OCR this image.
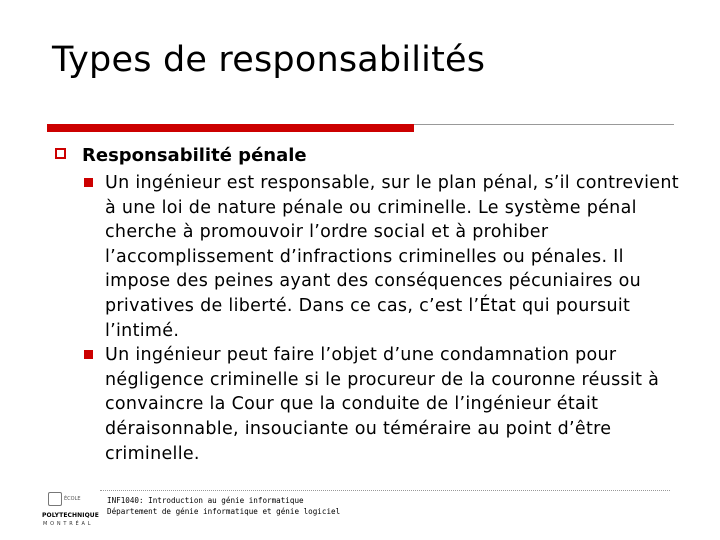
Types de responsabilités
Responsabilité pénale
Un ingénieur est responsable, sur le plan pénal, s’il contrevient à une loi de nature pénale ou criminelle. Le système pénal cherche à promouvoir l’ordre social et à prohiber l’accomplissement d’infractions criminelles ou pénales. Il impose des peines ayant des conséquences pécuniaires ou privatives de liberté. Dans ce cas, c’est l’État qui poursuit l’intimé.
Un ingénieur peut faire l’objet d’une condamnation pour négligence criminelle si le procureur de la couronne réussit à convaincre la Cour que la conduite de l’ingénieur était déraisonnable, insouciante ou téméraire au point d’être criminelle.
ÉCOLE
POLYTECHNIQUE
MONTRÉAL
INF1040: Introduction au génie informatique
Département de génie informatique et génie logiciel
